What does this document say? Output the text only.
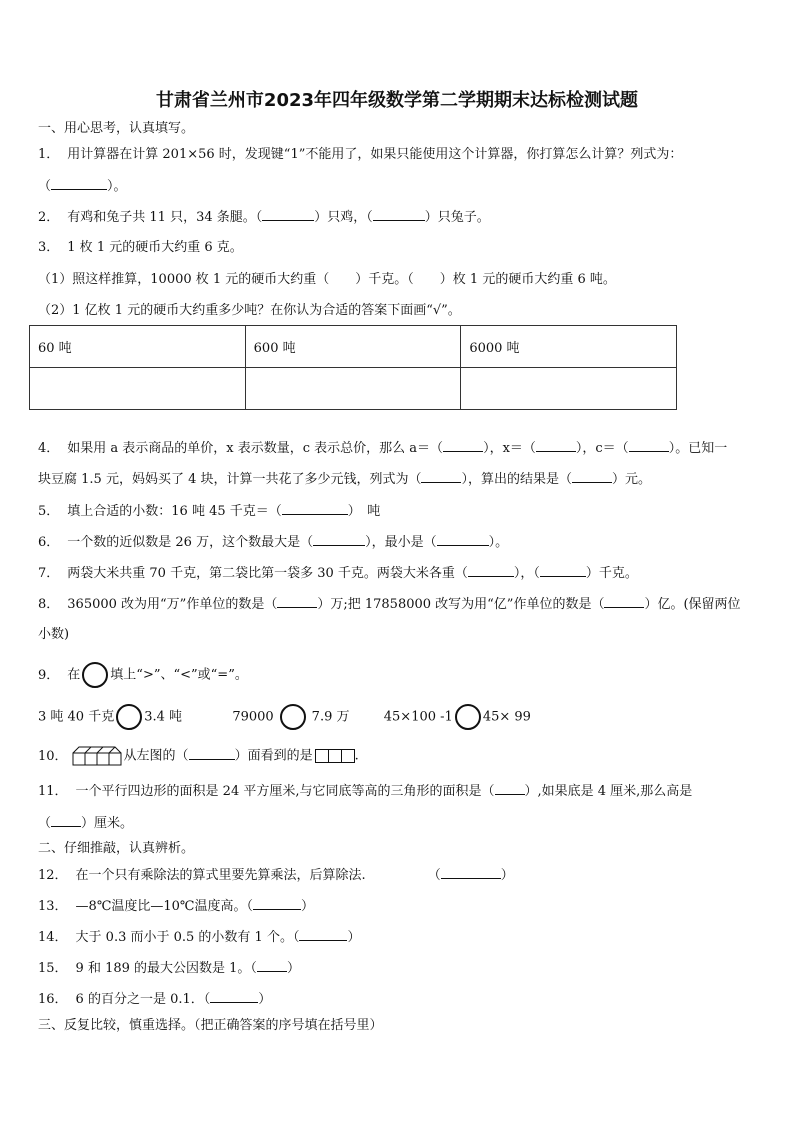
甘肃省兰州市2023年四年级数学第二学期期末达标检测试题
一、用心思考，认真填写。
1． 用计算器在计算 201×56 时，发现键“1”不能用了，如果只能使用这个计算器，你打算怎么计算？列式为：
（	）。
2． 有鸡和兔子共 11 只，34 条腿。（	）只鸡，（	）只兔子。
3． 1 枚 1 元的硬币大约重 6 克。
（1）照这样推算，10000 枚 1 元的硬币大约重（　　）千克。（　　）枚 1 元的硬币大约重 6 吨。
（2）1 亿枚 1 元的硬币大约重多少吨？在你认为合适的答案下面画“√”。
60 吨	600 吨	6000 吨

4． 如果用 a 表示商品的单价，x 表示数量，c 表示总价，那么 a＝（	），x＝（	），c＝（	）。已知一
块豆腐 1.5 元，妈妈买了 4 块，计算一共花了多少元钱，列式为（	），算出的结果是（	）元。
5． 填上合适的小数：16 吨 45 千克＝（	）　吨
6． 一个数的近似数是 26 万，这个数最大是（	），最小是（	）。
7． 两袋大米共重 70 千克，第二袋比第一袋多 30 千克。两袋大米各重（	），（	）千克。
8． 365000 改为用“万”作单位的数是（	）万;把 17858000 改写为用“亿”作单位的数是（	）亿。(保留两位
小数)
9． 在 填上“>”、“<”或“=”。
3 吨 40 千克 3.4 吨	79000	7.9 万	45×100 -1 45× 99
10．	从左图的（	）面看到的是	.
11． 一个平行四边形的面积是 24 平方厘米,与它同底等高的三角形的面积是（ ）,如果底是 4 厘米,那么高是
（ ）厘米。
二、仔细推敲，认真辨析。
12． 在一个只有乘除法的算式里要先算乘法，后算除法.	（	）
13． —8℃温度比—10℃温度高。（	）
14． 大于 0.3 而小于 0.5 的小数有 1 个。（	）
15． 9 和 189 的最大公因数是 1。（ ）
16． 6 的百分之一是 0.1．（	）
三、反复比较，慎重选择。（把正确答案的序号填在括号里）
